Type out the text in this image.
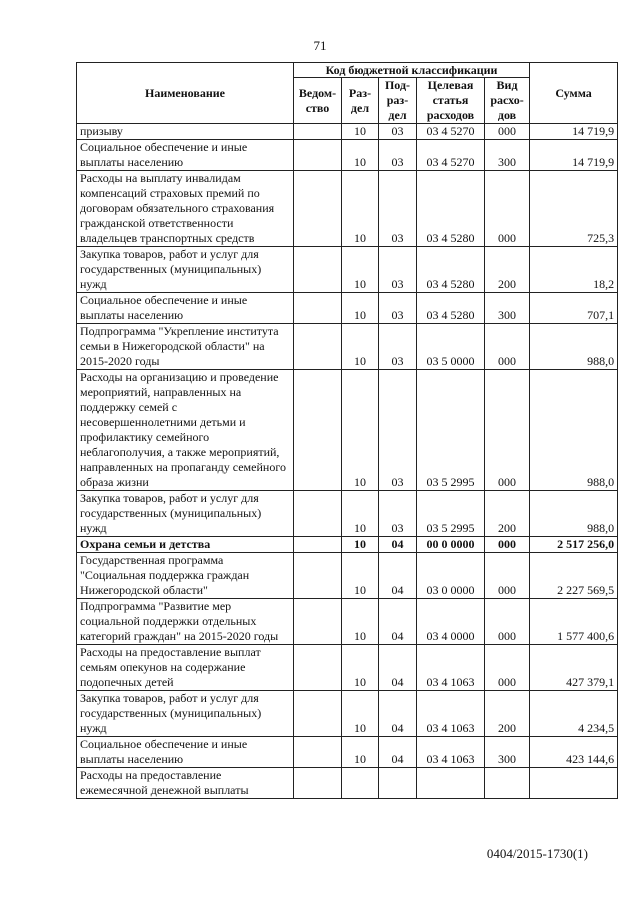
71
Наименование	Код бюджетной классификации					Сумма
	Ведом-ство	Раз-дел	Под-раз-дел	Целевая статья расходов	Вид расхо-дов	
призыву		10	03	03 4 5270	000	14 719,9
Социальное обеспечение и иные выплаты населению		10	03	03 4 5270	300	14 719,9
Расходы на выплату инвалидам компенсаций страховых премий по договорам обязательного страхования гражданской ответственности владельцев транспортных средств		10	03	03 4 5280	000	725,3
Закупка товаров, работ и услуг для государственных (муниципальных) нужд		10	03	03 4 5280	200	18,2
Социальное обеспечение и иные выплаты населению		10	03	03 4 5280	300	707,1
Подпрограмма "Укрепление института семьи в Нижегородской области" на 2015-2020 годы		10	03	03 5 0000	000	988,0
Расходы на организацию и проведение мероприятий, направленных на поддержку семей с несовершеннолетними детьми и профилактику семейного неблагополучия, а также мероприятий, направленных на пропаганду семейного образа жизни		10	03	03 5 2995	000	988,0
Закупка товаров, работ и услуг для государственных (муниципальных) нужд		10	03	03 5 2995	200	988,0
Охрана семьи и детства		10	04	00 0 0000	000	2 517 256,0
Государственная программа "Социальная поддержка граждан Нижегородской области"		10	04	03 0 0000	000	2 227 569,5
Подпрограмма "Развитие мер социальной поддержки отдельных категорий граждан" на 2015-2020 годы		10	04	03 4 0000	000	1 577 400,6
Расходы на предоставление выплат семьям опекунов на содержание подопечных детей		10	04	03 4 1063	000	427 379,1
Закупка товаров, работ и услуг для государственных (муниципальных) нужд		10	04	03 4 1063	200	4 234,5
Социальное обеспечение и иные выплаты населению		10	04	03 4 1063	300	423 144,6
Расходы на предоставление ежемесячной денежной выплаты						
0404/2015-1730(1)
